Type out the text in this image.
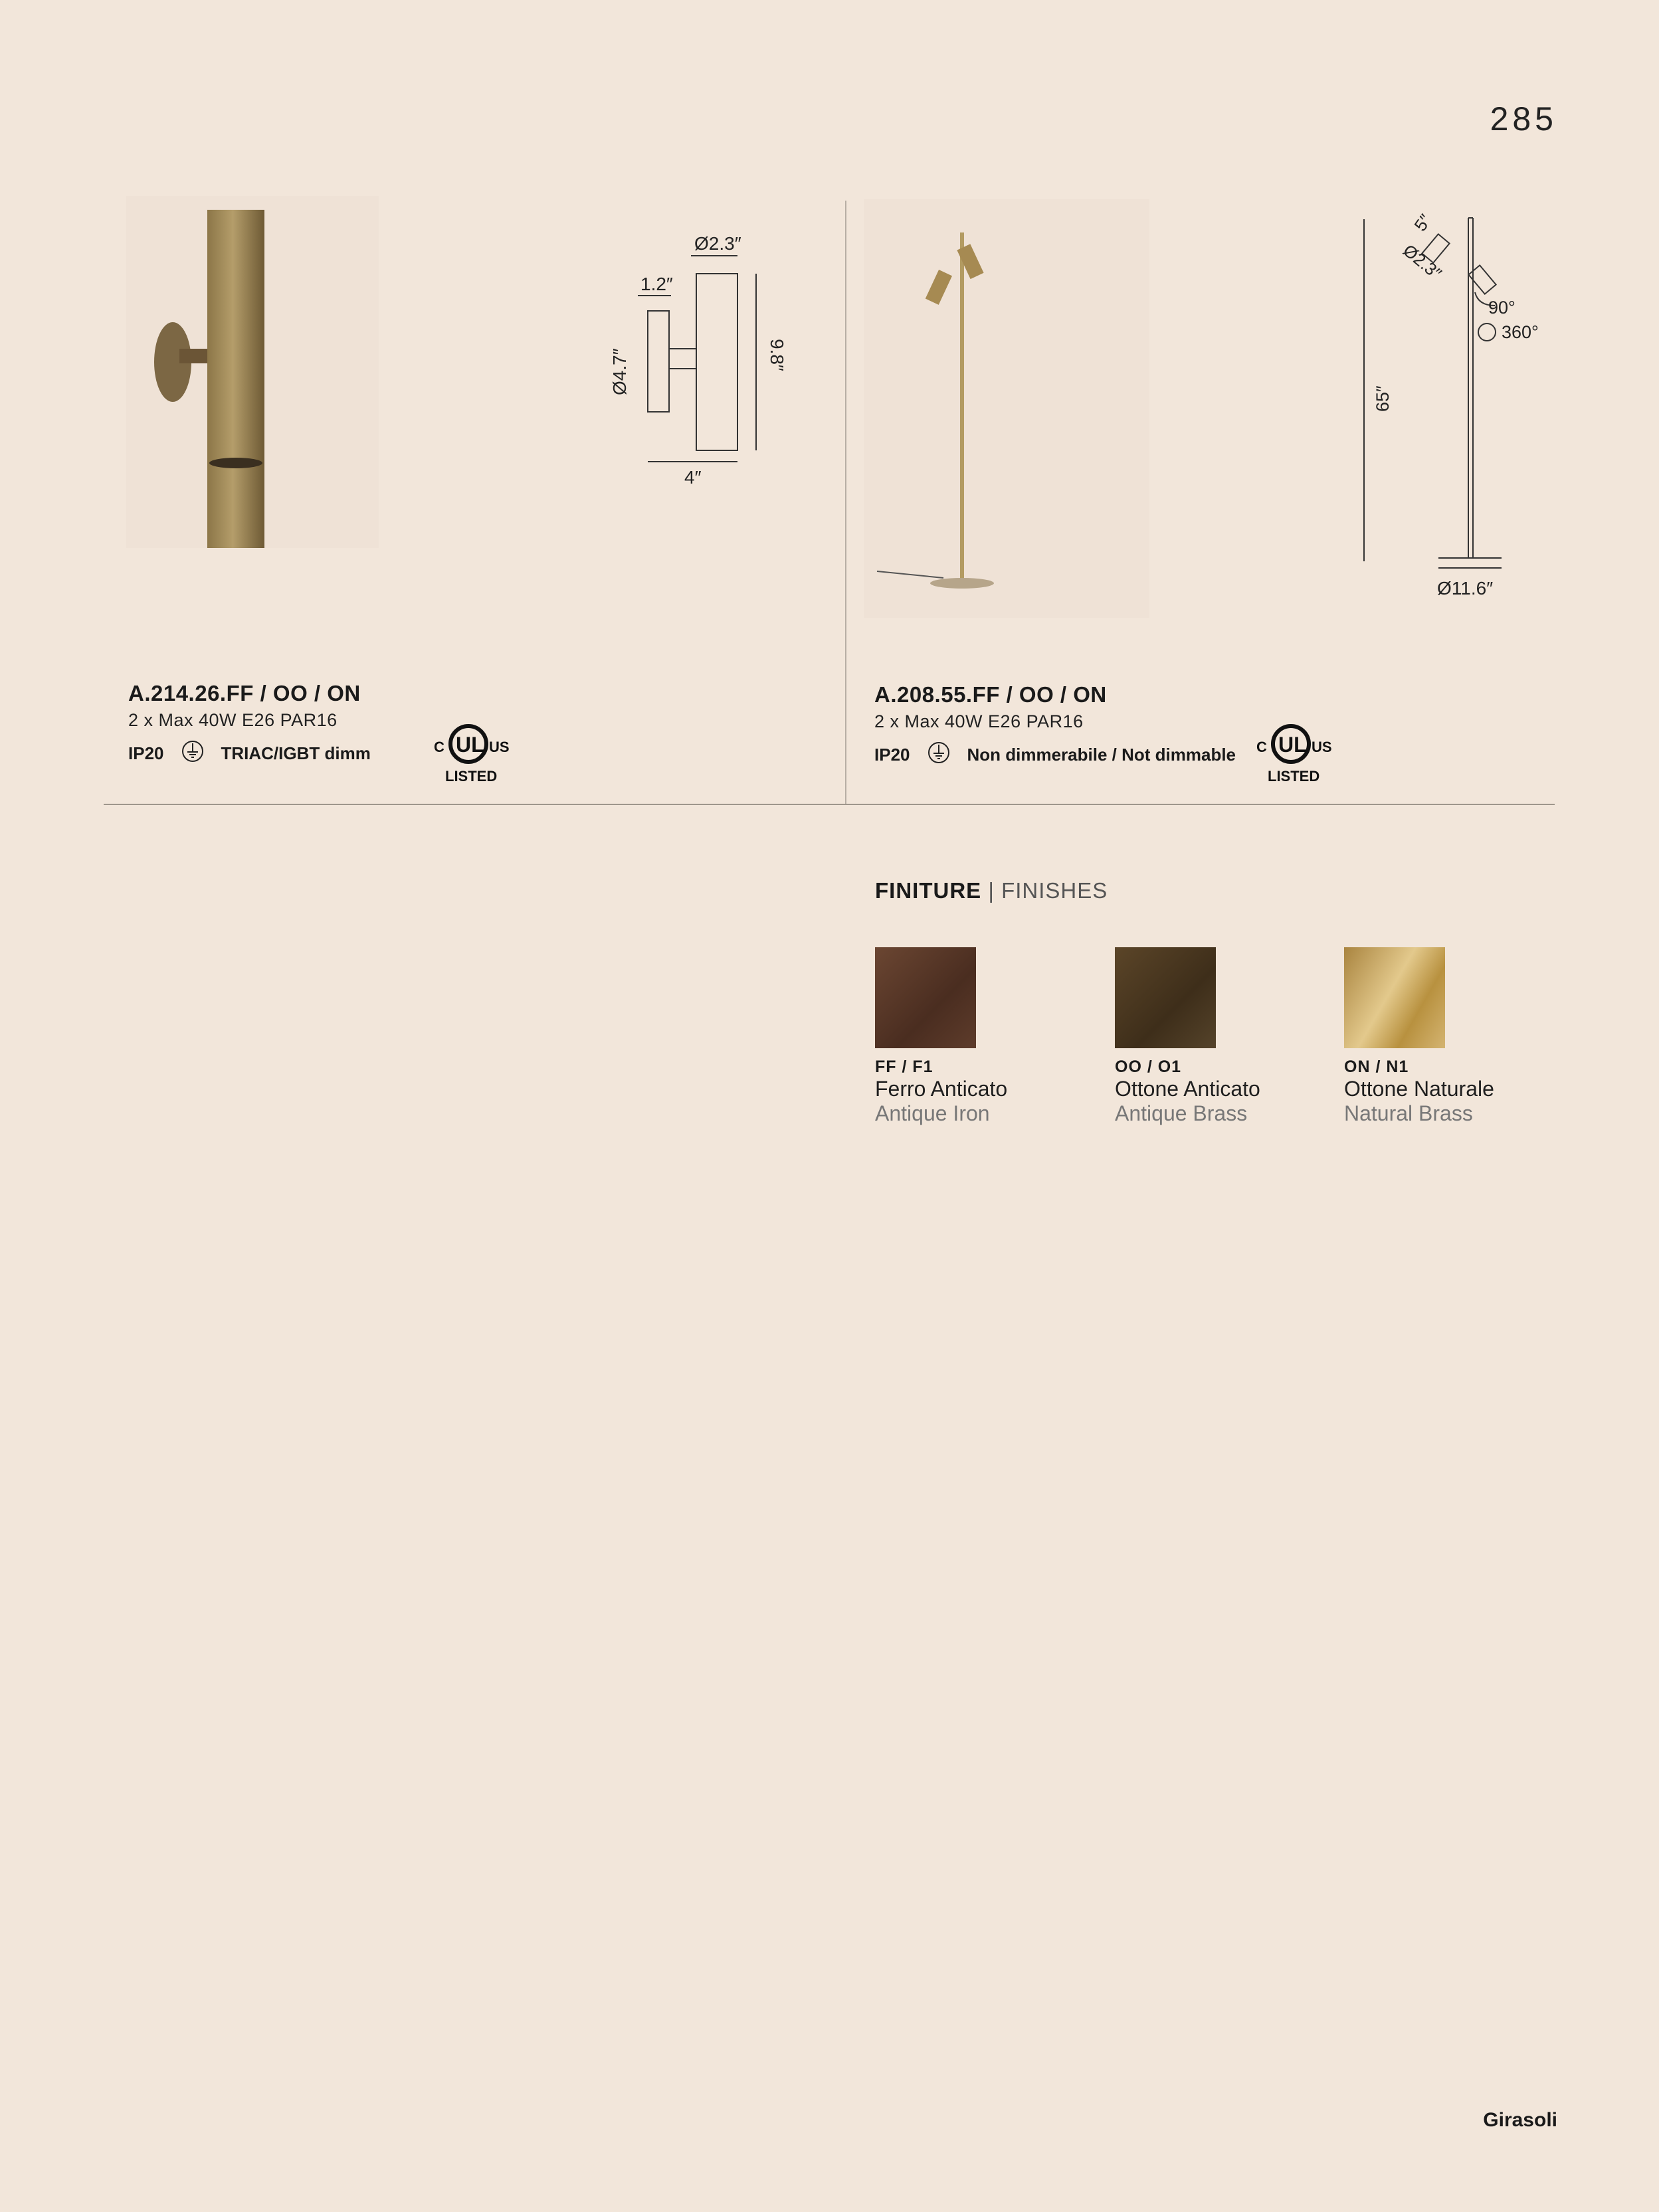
285
Ø2.3″
1.2″
Ø4.7″	9.8″
4″
5″
Ø2.3″
90°
360°
65″
Ø11.6″
A.214.26.FF / OO / ON
2 x Max 40W E26 PAR16
IP20	TRIAC/IGBT dimm	UL
C	US
LISTED
A.208.55.FF / OO / ON
2 x Max 40W E26 PAR16
IP20	Non dimmerabile / Not dimmable UL
C	US
LISTED
FINITURE | FINISHES
FF / F1
Ferro Anticato
Antique Iron
OO / O1
Ottone Anticato
Antique Brass
ON / N1
Ottone Naturale
Natural Brass
Girasoli
